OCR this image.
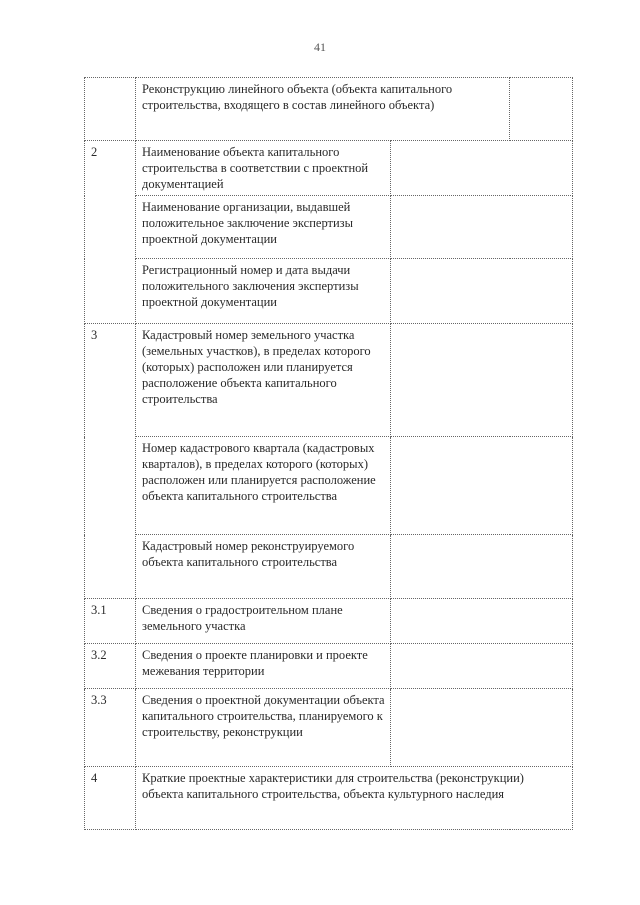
41
	Реконструкцию линейного объекта (объекта капитального строительства, входящего в состав линейного объекта)		
2	Наименование объекта капитального строительства в соответствии с проектной документацией		
	Наименование организации, выдавшей положительное заключение экспертизы проектной документации		
	Регистрационный номер и дата выдачи положительного заключения экспертизы проектной документации		
3	Кадастровый номер земельного участка (земельных участков), в пределах которого (которых) расположен или планируется расположение объекта капитального строительства		
	Номер кадастрового квартала (кадастровых кварталов), в пределах которого (которых) расположен или планируется расположение объекта капитального строительства		
	Кадастровый номер реконструируемого объекта капитального строительства		
3.1	Сведения о градостроительном плане земельного участка		
3.2	Сведения о проекте планировки и проекте межевания территории		
3.3	Сведения о проектной документации объекта капитального строительства, планируемого к строительству, реконструкции		
4	Краткие проектные характеристики для строительства (реконструкции) объекта капитального строительства, объекта культурного наследия		
